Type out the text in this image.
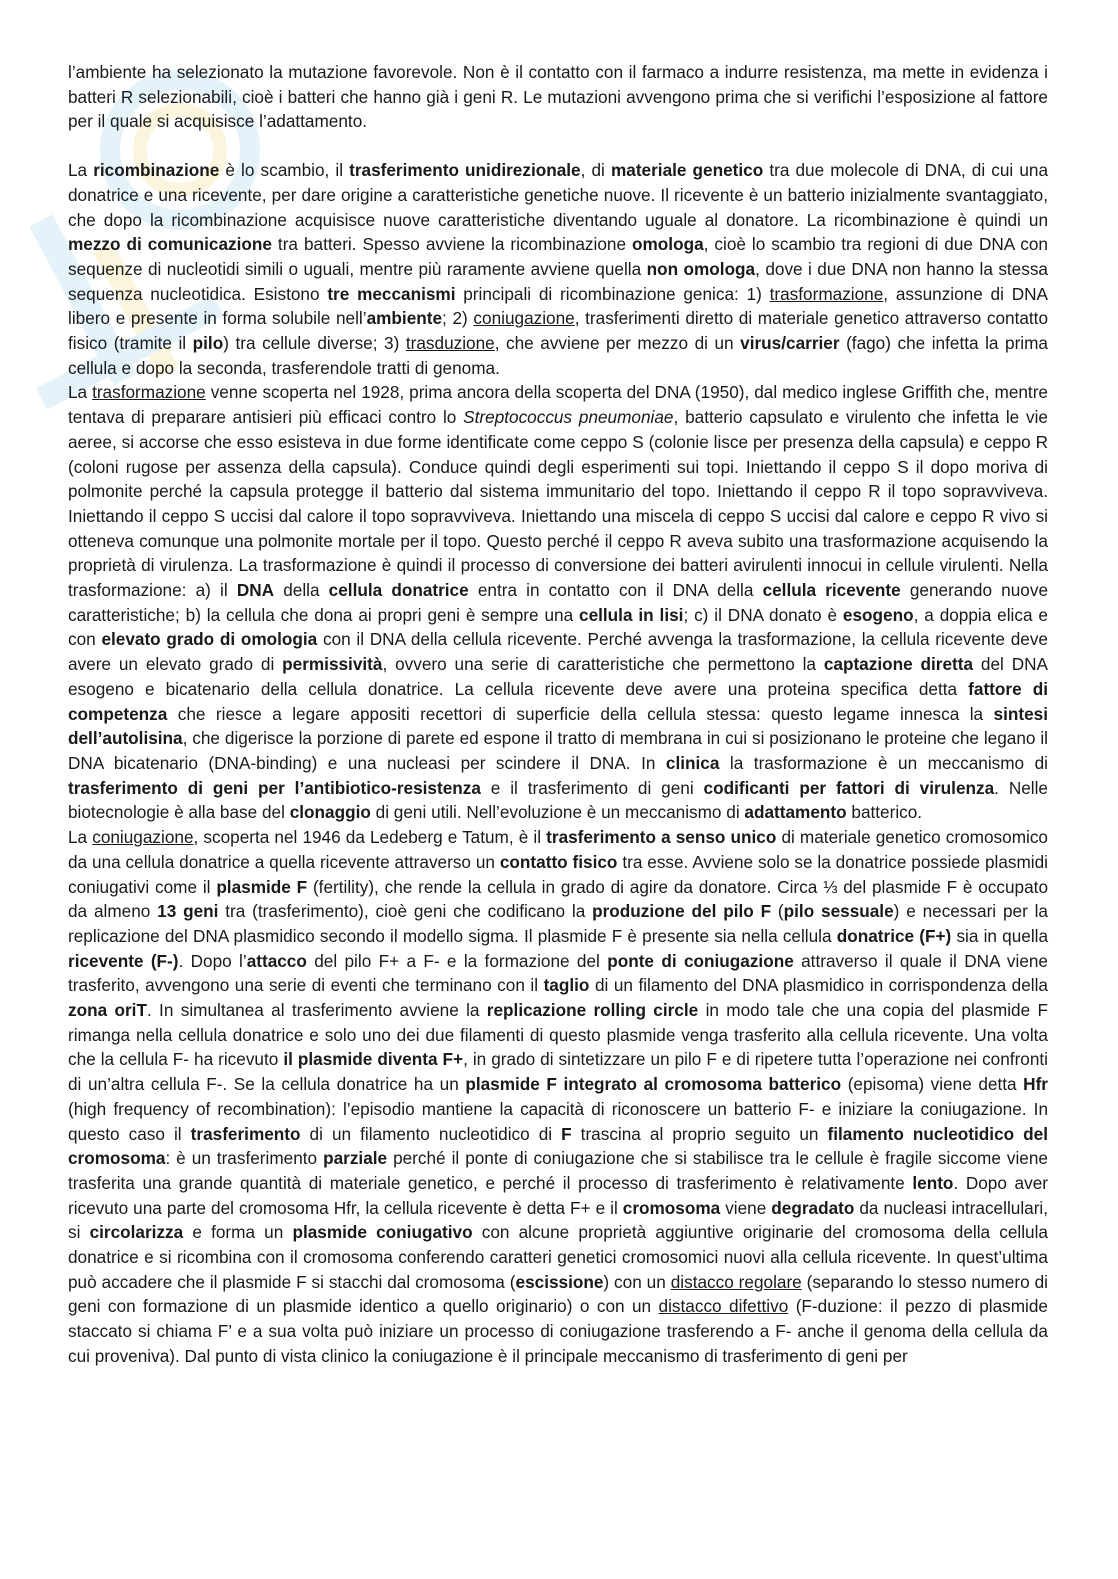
l’ambiente ha selezionato la mutazione favorevole. Non è il contatto con il farmaco a indurre resistenza, ma mette in evidenza i batteri R selezionabili, cioè i batteri che hanno già i geni R. Le mutazioni avvengono prima che si verifichi l’esposizione al fattore per il quale si acquisisce l’adattamento.

La ricombinazione è lo scambio, il trasferimento unidirezionale, di materiale genetico tra due molecole di DNA, di cui una donatrice e una ricevente, per dare origine a caratteristiche genetiche nuove. Il ricevente è un batterio inizialmente svantaggiato, che dopo la ricombinazione acquisisce nuove caratteristiche diventando uguale al donatore. La ricombinazione è quindi un mezzo di comunicazione tra batteri. Spesso avviene la ricombinazione omologa, cioè lo scambio tra regioni di due DNA con sequenze di nucleotidi simili o uguali, mentre più raramente avviene quella non omologa, dove i due DNA non hanno la stessa sequenza nucleotidica. Esistono tre meccanismi principali di ricombinazione genica: 1) trasformazione, assunzione di DNA libero e presente in forma solubile nell’ambiente; 2) coniugazione, trasferimenti diretto di materiale genetico attraverso contatto fisico (tramite il pilo) tra cellule diverse; 3) trasduzione, che avviene per mezzo di un virus/carrier (fago) che infetta la prima cellula e dopo la seconda, trasferendole tratti di genoma.

La trasformazione venne scoperta nel 1928, prima ancora della scoperta del DNA (1950), dal medico inglese Griffith che, mentre tentava di preparare antisieri più efficaci contro lo Streptococcus pneumoniae, batterio capsulato e virulento che infetta le vie aeree, si accorse che esso esisteva in due forme identificate come ceppo S (colonie lisce per presenza della capsula) e ceppo R (coloni rugose per assenza della capsula). Conduce quindi degli esperimenti sui topi. Iniettando il ceppo S il dopo moriva di polmonite perché la capsula protegge il batterio dal sistema immunitario del topo. Iniettando il ceppo R il topo sopravviveva. Iniettando il ceppo S uccisi dal calore il topo sopravviveva. Iniettando una miscela di ceppo S uccisi dal calore e ceppo R vivo si otteneva comunque una polmonite mortale per il topo. Questo perché il ceppo R aveva subito una trasformazione acquisendo la proprietà di virulenza. La trasformazione è quindi il processo di conversione dei batteri avirulenti innocui in cellule virulenti. Nella trasformazione: a) il DNA della cellula donatrice entra in contatto con il DNA della cellula ricevente generando nuove caratteristiche; b) la cellula che dona ai propri geni è sempre una cellula in lisi; c) il DNA donato è esogeno, a doppia elica e con elevato grado di omologia con il DNA della cellula ricevente. Perché avvenga la trasformazione, la cellula ricevente deve avere un elevato grado di permissività, ovvero una serie di caratteristiche che permettono la captazione diretta del DNA esogeno e bicatenario della cellula donatrice. La cellula ricevente deve avere una proteina specifica detta fattore di competenza che riesce a legare appositi recettori di superficie della cellula stessa: questo legame innesca la sintesi dell’autolisina, che digerisce la porzione di parete ed espone il tratto di membrana in cui si posizionano le proteine che legano il DNA bicatenario (DNA-binding) e una nucleasi per scindere il DNA. In clinica la trasformazione è un meccanismo di trasferimento di geni per l’antibiotico-resistenza e il trasferimento di geni codificanti per fattori di virulenza. Nelle biotecnologie è alla base del clonaggio di geni utili. Nell’evoluzione è un meccanismo di adattamento batterico.

La coniugazione, scoperta nel 1946 da Ledeberg e Tatum, è il trasferimento a senso unico di materiale genetico cromosomico da una cellula donatrice a quella ricevente attraverso un contatto fisico tra esse. Avviene solo se la donatrice possiede plasmidi coniugativi come il plasmide F (fertility), che rende la cellula in grado di agire da donatore. Circa ⅓ del plasmide F è occupato da almeno 13 geni tra (trasferimento), cioè geni che codificano la produzione del pilo F (pilo sessuale) e necessari per la replicazione del DNA plasmidico secondo il modello sigma. Il plasmide F è presente sia nella cellula donatrice (F+) sia in quella ricevente (F-). Dopo l’attacco del pilo F+ a F- e la formazione del ponte di coniugazione attraverso il quale il DNA viene trasferito, avvengono una serie di eventi che terminano con il taglio di un filamento del DNA plasmidico in corrispondenza della zona oriT. In simultanea al trasferimento avviene la replicazione rolling circle in modo tale che una copia del plasmide F rimanga nella cellula donatrice e solo uno dei due filamenti di questo plasmide venga trasferito alla cellula ricevente. Una volta che la cellula F- ha ricevuto il plasmide diventa F+, in grado di sintetizzare un pilo F e di ripetere tutta l’operazione nei confronti di un’altra cellula F-. Se la cellula donatrice ha un plasmide F integrato al cromosoma batterico (episoma) viene detta Hfr (high frequency of recombination): l’episodio mantiene la capacità di riconoscere un batterio F- e iniziare la coniugazione. In questo caso il trasferimento di un filamento nucleotidico di F trascina al proprio seguito un filamento nucleotidico del cromosoma: è un trasferimento parziale perché il ponte di coniugazione che si stabilisce tra le cellule è fragile siccome viene trasferita una grande quantità di materiale genetico, e perché il processo di trasferimento è relativamente lento. Dopo aver ricevuto una parte del cromosoma Hfr, la cellula ricevente è detta F+ e il cromosoma viene degradato da nucleasi intracellulari, si circolarizza e forma un plasmide coniugativo con alcune proprietà aggiuntive originarie del cromosoma della cellula donatrice e si ricombina con il cromosoma conferendo caratteri genetici cromosomici nuovi alla cellula ricevente. In quest’ultima può accadere che il plasmide F si stacchi dal cromosoma (escissione) con un distacco regolare (separando lo stesso numero di geni con formazione di un plasmide identico a quello originario) o con un distacco difettivo (F-duzione: il pezzo di plasmide staccato si chiama F’ e a sua volta può iniziare un processo di coniugazione trasferendo a F- anche il genoma della cellula da cui proveniva). Dal punto di vista clinico la coniugazione è il principale meccanismo di trasferimento di geni per
